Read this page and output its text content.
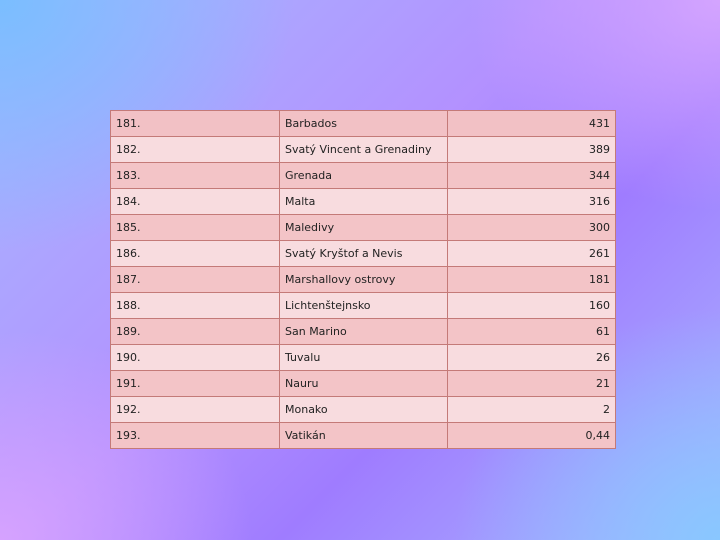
181.	Barbados	431
182.	Svatý Vincent a Grenadiny	389
183.	Grenada	344
184.	Malta	316
185.	Maledivy	300
186.	Svatý Kryštof a Nevis	261
187.	Marshallovy ostrovy	181
188.	Lichtenštejnsko	160
189.	San Marino	61
190.	Tuvalu	26
191.	Nauru	21
192.	Monako	2
193.	Vatikán	0,44
